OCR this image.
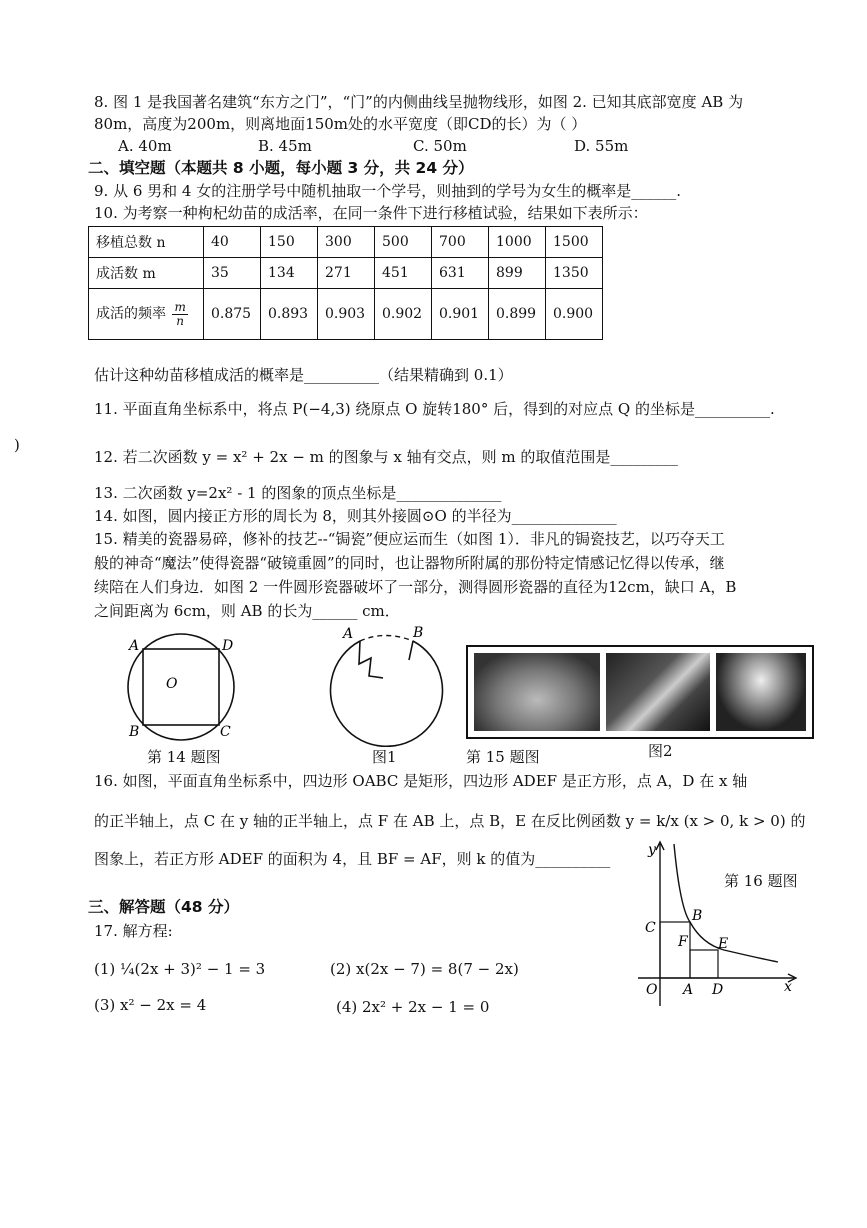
8. 图 1 是我国著名建筑“东方之门”，“门”的内侧曲线呈抛物线形，如图 2. 已知其底部宽度 AB 为
80m，高度为200m，则离地面150m处的水平宽度（即CD的长）为（ ）
A. 40m	B. 45m	C. 50m	D. 55m
二、填空题（本题共 8 小题，每小题 3 分，共 24 分）
9. 从 6 男和 4 女的注册学号中随机抽取一个学号，则抽到的学号为女生的概率是______.
10. 为考察一种枸杞幼苗的成活率，在同一条件下进行移植试验，结果如下表所示：
移植总数 n	40	150	300	500	700	1000	1500
成活数 m	35	134	271	451	631	899	1350
成活的频率 $\frac{m}{n}$	0.875	0.893	0.903	0.902	0.901	0.899	0.900
估计这种幼苗移植成活的概率是__________（结果精确到 0.1）
11. 平面直角坐标系中，将点 P(−4,3) 绕原点 O 旋转180° 后，得到的对应点 Q 的坐标是__________.
)
12. 若二次函数 y = x² + 2x − m 的图象与 x 轴有交点，则 m 的取值范围是_________
13. 二次函数 y=2x² - 1 的图象的顶点坐标是______________
14. 如图，圆内接正方形的周长为 8，则其外接圆⊙O 的半径为______________
15. 精美的瓷器易碎，修补的技艺--“锔瓷”便应运而生（如图 1）．非凡的锔瓷技艺，以巧夺天工
般的神奇“魔法”使得瓷器“破镜重圆”的同时，也让器物所附属的那份特定情感记忆得以传承，继
续陪在人们身边．如图 2 一件圆形瓷器破坏了一部分，测得圆形瓷器的直径为12cm，缺口 A，B
之间距离为 6cm，则 AB 的长为______ cm．
A	D
B	C
O
第 14 题图
A	B
图1	第 15 题图	图2
16. 如图，平面直角坐标系中，四边形 OABC 是矩形，四边形 ADEF 是正方形，点 A，D 在 x 轴
的正半轴上，点 C 在 y 轴的正半轴上，点 F 在 AB 上，点 B，E 在反比例函数 y = k/x (x > 0, k > 0) 的
图象上，若正方形 ADEF 的面积为 4，且 BF = AF，则 k 的值为__________
第 16 题图
y
x
O A D
B
C
E
F
三、解答题（48 分）
17. 解方程:
(1) ¼(2x + 3)² − 1 = 3	(2) x(2x − 7) = 8(7 − 2x)
(3) x² − 2x = 4	(4) 2x² + 2x − 1 = 0
